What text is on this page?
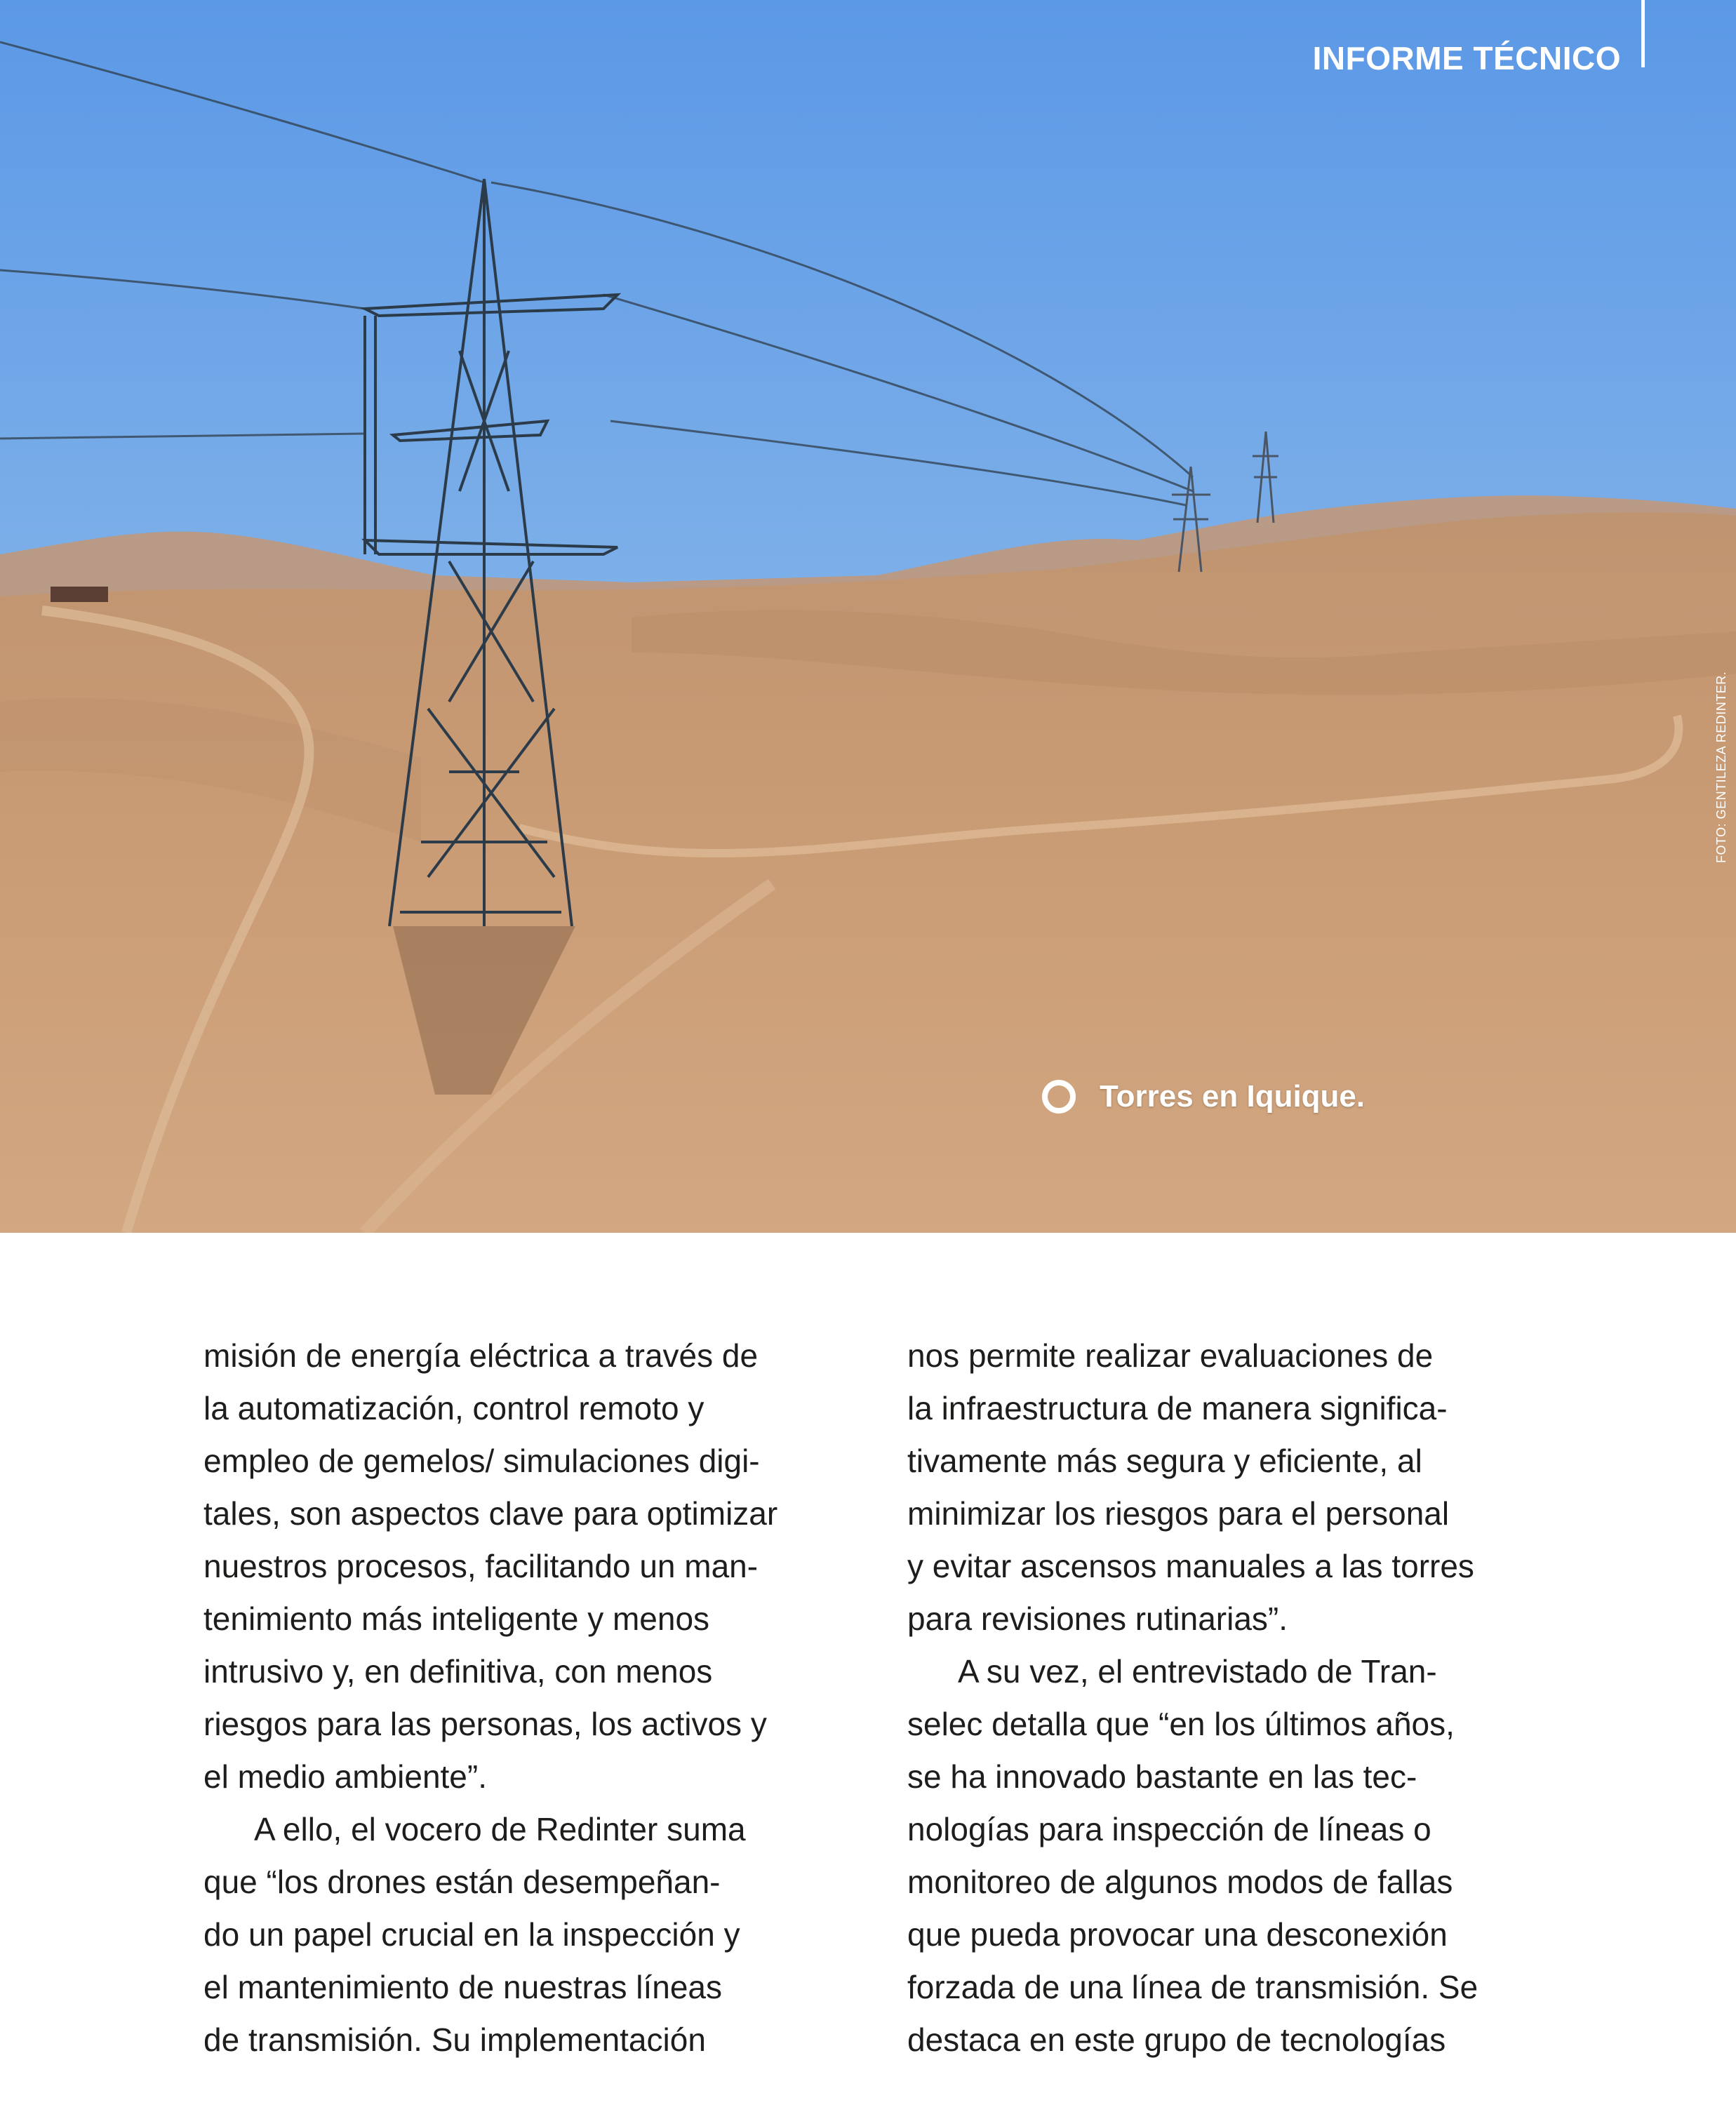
INFORME TÉCNICO
FOTO: GENTILEZA REDINTER.
Torres en Iquique.
misión de energía eléctrica a través de
la automatización, control remoto y
empleo de gemelos/ simulaciones digi-
tales, son aspectos clave para optimizar
nuestros procesos, facilitando un man-
tenimiento más inteligente y menos
intrusivo y, en definitiva, con menos
riesgos para las personas, los activos y
el medio ambiente”.
A ello, el vocero de Redinter suma
que “los drones están desempeñan-
do un papel crucial en la inspección y
el mantenimiento de nuestras líneas
de transmisión. Su implementación
nos permite realizar evaluaciones de
la infraestructura de manera significa-
tivamente más segura y eficiente, al
minimizar los riesgos para el personal
y evitar ascensos manuales a las torres
para revisiones rutinarias”.
A su vez, el entrevistado de Tran-
selec detalla que “en los últimos años,
se ha innovado bastante en las tec-
nologías para inspección de líneas o
monitoreo de algunos modos de fallas
que pueda provocar una desconexión
forzada de una línea de transmisión. Se
destaca en este grupo de tecnologías
